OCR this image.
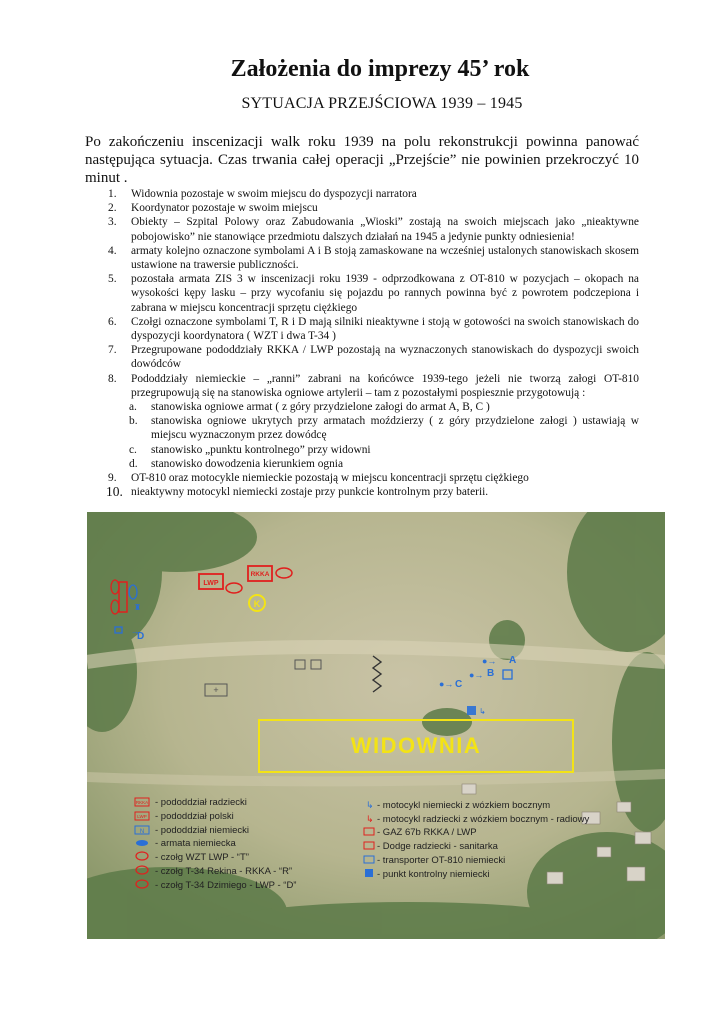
Założenia do imprezy 45’ rok
SYTUACJA PRZEJŚCIOWA 1939 – 1945
Po zakończeniu inscenizacji walk roku 1939 na polu rekonstrukcji powinna panować następująca sytuacja. Czas trwania całej operacji „Przejście” nie powinien przekroczyć 10 minut .
1. Widownia pozostaje w swoim miejscu do dyspozycji narratora
2. Koordynator pozostaje w swoim miejscu
3. Obiekty – Szpital Polowy oraz Zabudowania „Wioski” zostają na swoich miejscach jako „nieaktywne pobojowisko” nie stanowiące przedmiotu dalszych działań na 1945 a jedynie punkty odniesienia!
4. armaty kolejno oznaczone symbolami A i B stoją zamaskowane na wcześniej ustalonych stanowiskach skosem ustawione na trawersie publiczności.
5. pozostała armata ZIS 3 w inscenizacji roku 1939 - odprzodkowana z OT-810 w pozycjach – okopach na wysokości kępy lasku – przy wycofaniu się pojazdu po rannych powinna być z powrotem podczepiona i zabrana w miejscu koncentracji sprzętu ciężkiego
6. Czołgi oznaczone symbolami T, R i D mają silniki nieaktywne i stoją w gotowości na swoich stanowiskach do dyspozycji koordynatora ( WZT i dwa T-34 )
7. Przegrupowane pododdziały RKKA / LWP pozostają na wyznaczonych stanowiskach do dyspozycji swoich dowódców
8. Pododdziały niemieckie – „ranni” zabrani na końcówce 1939-tego jeżeli nie tworzą załogi OT-810 przegrupowują się na stanowiska ogniowe artylerii – tam z pozostałymi pospiesznie przygotowują :
a. stanowiska ogniowe armat ( z góry przydzielone załogi do armat A, B, C )
b. stanowiska ogniowe ukrytych przy armatach moździerzy ( z góry przydzielone załogi ) ustawiają w miejscu wyznaczonym przez dowódcę
c. stanowisko „punktu kontrolnego” przy widowni
d. stanowisko dowodzenia kierunkiem ognia
9. OT-810 oraz motocykle niemieckie pozostają w miejscu koncentracji sprzętu ciężkiego
10. nieaktywny motocykl niemiecki zostaje przy punkcie kontrolnym przy baterii.
+
LWP
RKKA
K
♜
→
D
●→ A
●→ B
●→ C
↳
WIDOWNIA
RKKA - pododdział radziecki
LWP - pododdział polski
N - pododdział niemiecki
- armata niemiecka
- czołg WZT LWP - “T”
- czołg T-34 Rekina - RKKA - “R”
- czołg T-34 Dzimiego - LWP - “D”
↳ - motocykl niemiecki z wózkiem bocznym
↳ - motocykl radziecki z wózkiem bocznym - radiowy
- GAZ 67b RKKA / LWP
- Dodge radziecki - sanitarka
- transporter OT-810 niemiecki
- punkt kontrolny niemiecki
